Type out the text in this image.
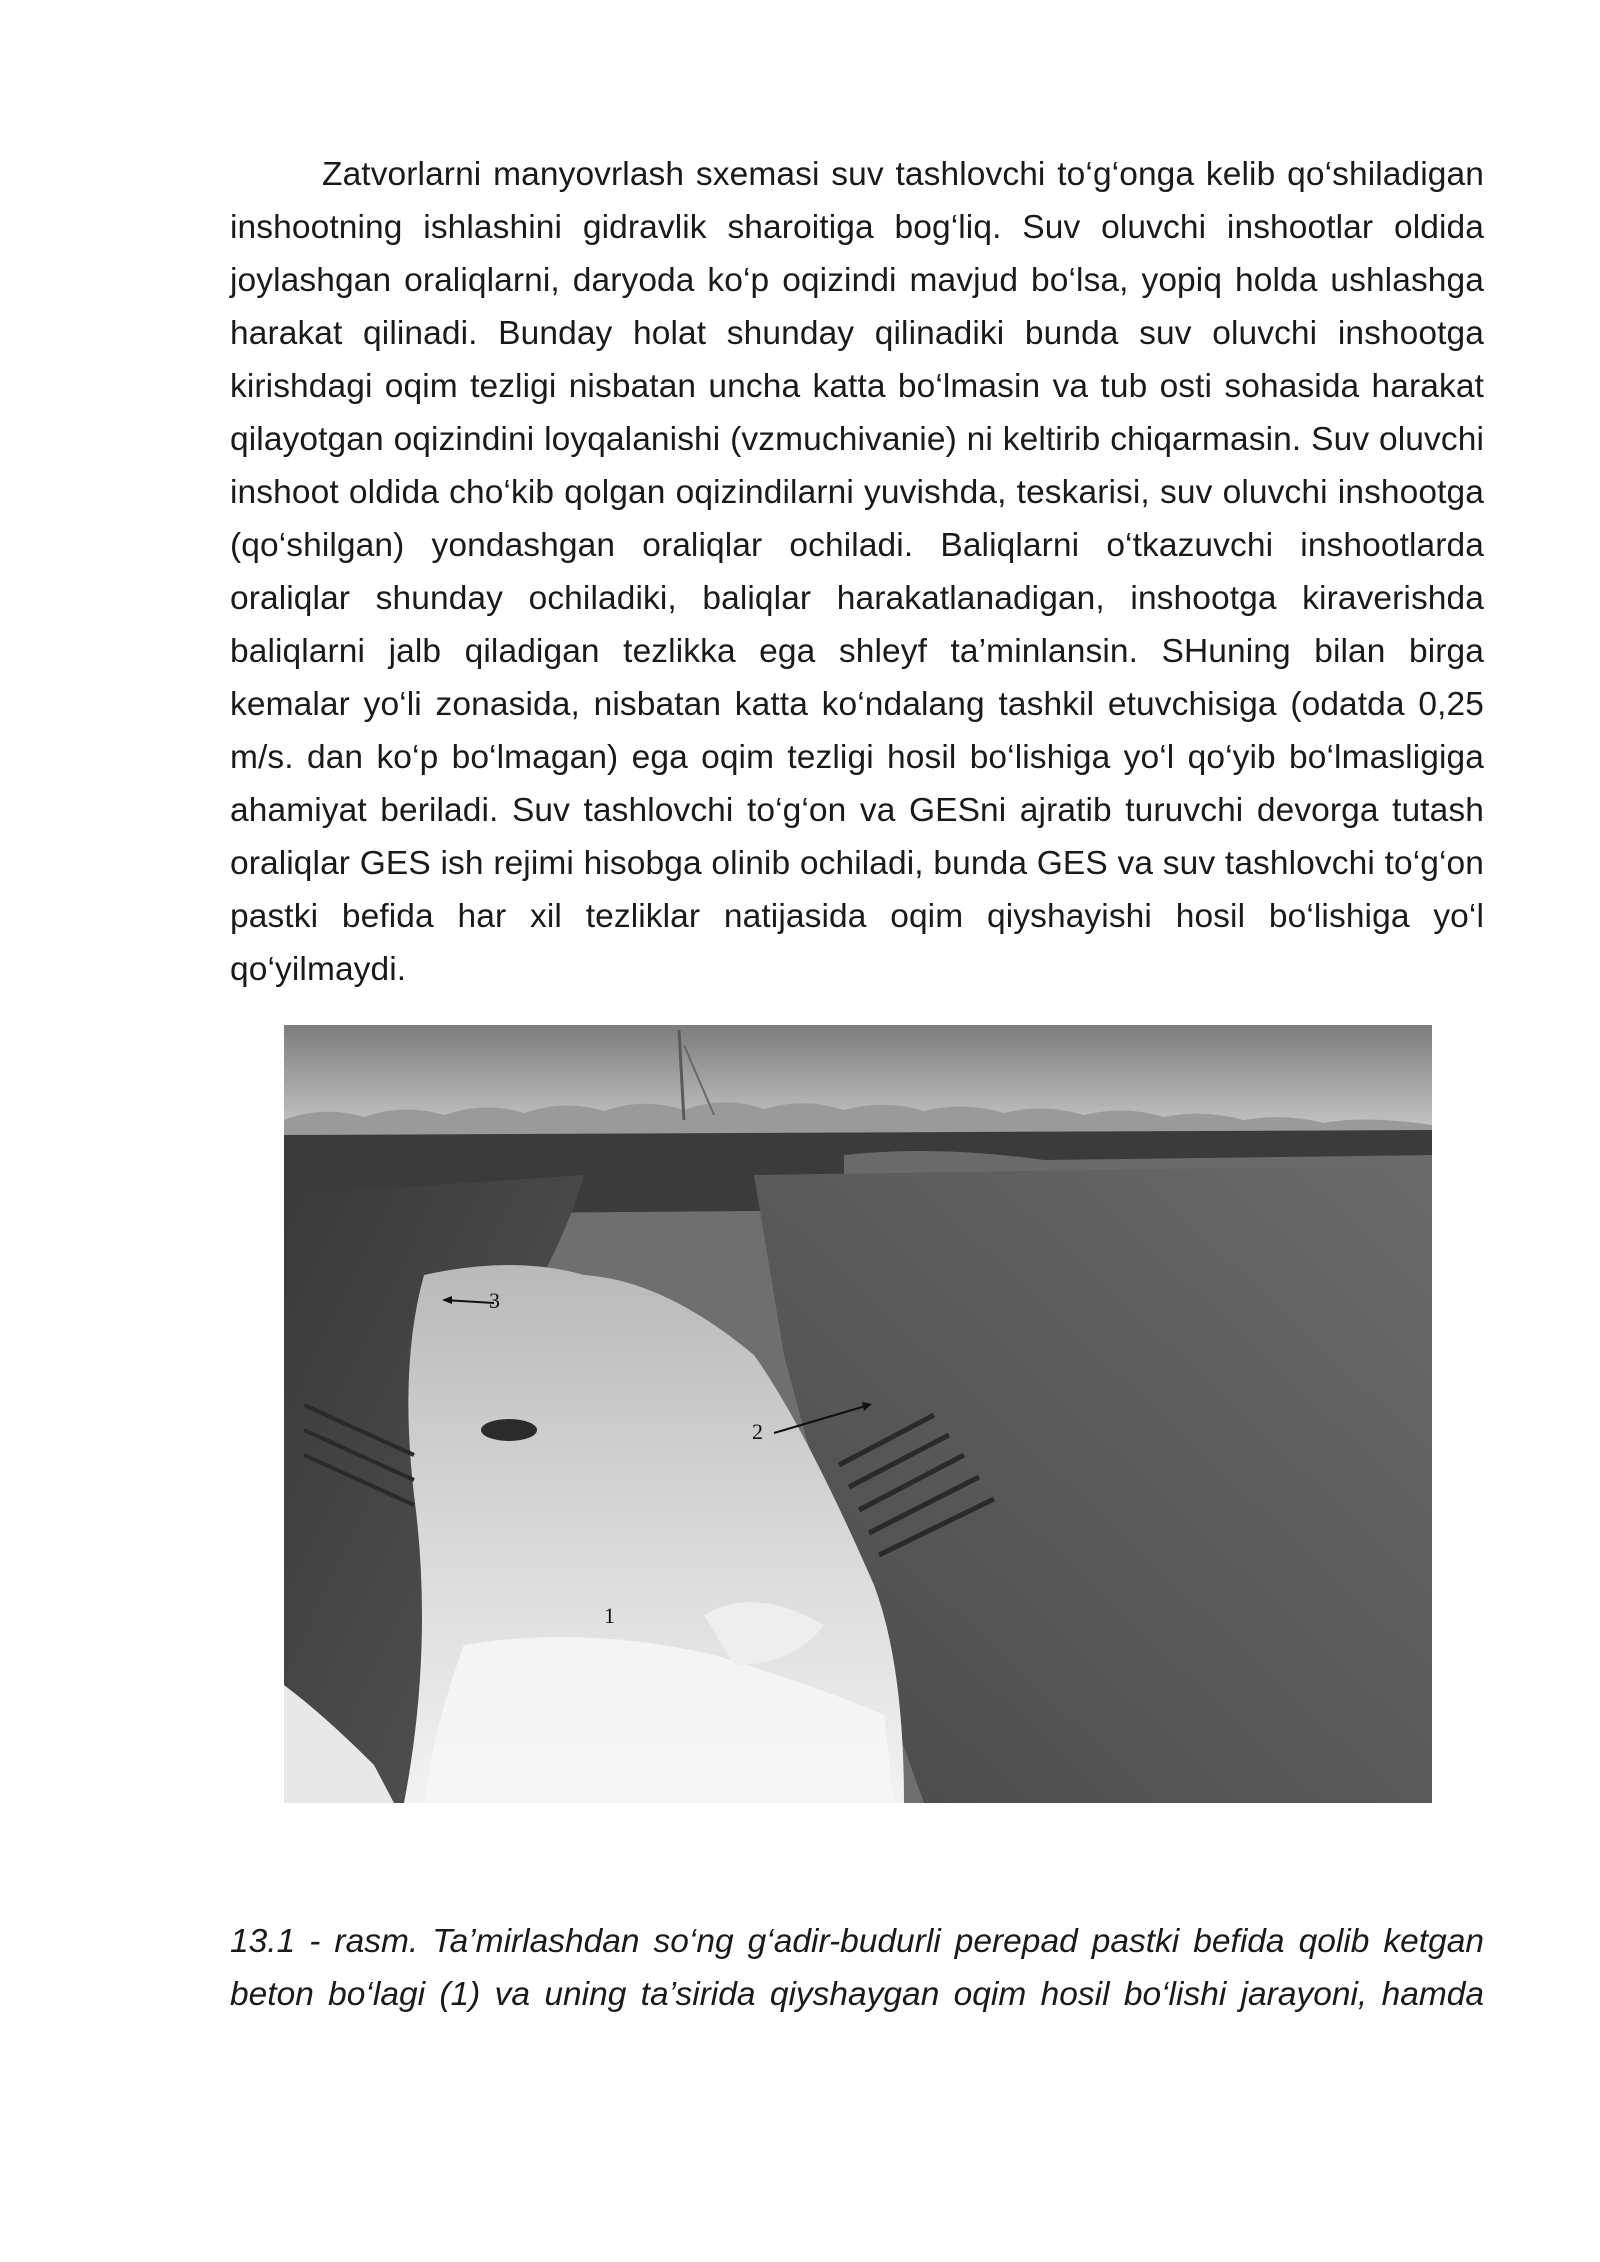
Zatvorlarni manyovrlash sxemasi suv tashlovchi to‘g‘onga kelib qo‘shiladigan inshootning ishlashini gidravlik sharoitiga bog‘liq. Suv oluvchi inshootlar oldida joylashgan oraliqlarni, daryoda ko‘p oqizindi mavjud bo‘lsa, yopiq holda ushlashga harakat qilinadi. Bunday holat shunday qilinadiki bunda suv oluvchi inshootga kirishdagi oqim tezligi nisbatan uncha katta bo‘lmasin va tub osti sohasida harakat qilayotgan oqizindini loyqalanishi (vzmuchivanie) ni keltirib chiqarmasin. Suv oluvchi inshoot oldida cho‘kib qolgan oqizindilarni yuvishda, teskarisi, suv oluvchi inshootga (qo‘shilgan) yondashgan oraliqlar ochiladi. Baliqlarni o‘tkazuvchi inshootlarda oraliqlar shunday ochiladiki, baliqlar harakatlanadigan, inshootga kiraverishda baliqlarni jalb qiladigan tezlikka ega shleyf ta’minlansin. SHuning bilan birga kemalar yo‘li zonasida, nisbatan katta ko‘ndalang tashkil etuvchisiga (odatda 0,25 m/s. dan ko‘p bo‘lmagan) ega oqim tezligi hosil bo‘lishiga yo‘l qo‘yib bo‘lmasligiga ahamiyat beriladi. Suv tashlovchi to‘g‘on va GESni ajratib turuvchi devorga tutash oraliqlar GES ish rejimi hisobga olinib ochiladi, bunda GES va suv tashlovchi to‘g‘on pastki befida har xil tezliklar natijasida oqim qiyshayishi hosil bo‘lishiga yo‘l qo‘yilmaydi.

3
2
1
13.1 - rasm. Ta’mirlashdan so‘ng g‘adir-budurli perepad pastki befida qolib ketgan
beton bo‘lagi (1) va uning ta’sirida qiyshaygan oqim hosil bo‘lishi jarayoni, hamda
